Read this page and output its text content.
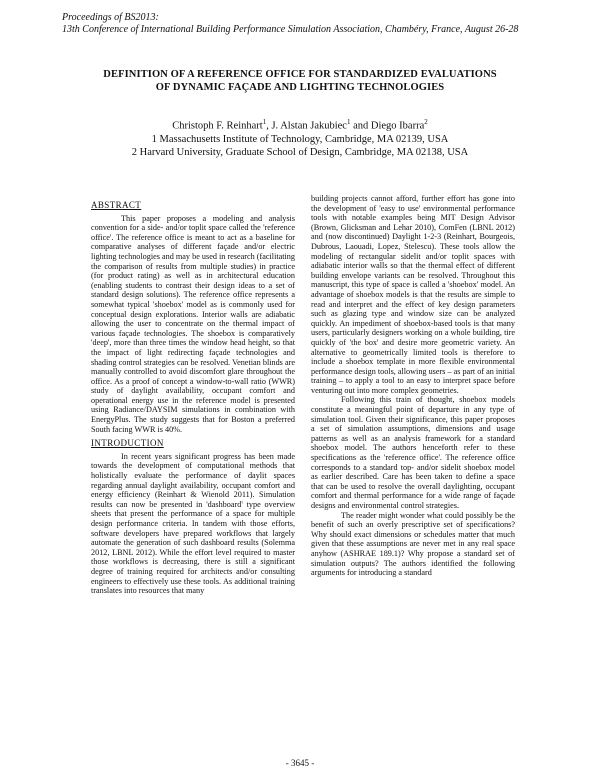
Proceedings of BS2013:
13th Conference of International Building Performance Simulation Association, Chambéry, France, August 26-28
DEFINITION OF A REFERENCE OFFICE FOR STANDARDIZED EVALUATIONS
OF DYNAMIC FAÇADE AND LIGHTING TECHNOLOGIES
Christoph F. Reinhart$^1$, J. Alstan Jakubiec$^1$ and Diego Ibarra$^2$
1 Massachusetts Institute of Technology, Cambridge, MA 02139, USA
2 Harvard University, Graduate School of Design, Cambridge, MA 02138, USA
ABSTRACT

This paper proposes a modeling and analysis convention for a side- and/or toplit space called the 'reference office'. The reference office is meant to act as a baseline for comparative analyses of different façade and/or electric lighting technologies and may be used in research (facilitating the comparison of results from multiple studies) in practice (for product rating) as well as in architectural education (enabling students to contrast their design ideas to a set of standard design solutions). The reference office represents a somewhat typical 'shoebox' model as is commonly used for conceptual design explorations. Interior walls are adiabatic allowing the user to concentrate on the thermal impact of various façade technologies. The shoebox is comparatively 'deep', more than three times the window head height, so that the impact of light redirecting façade technologies and shading control strategies can be resolved. Venetian blinds are manually controlled to avoid discomfort glare throughout the office. As a proof of concept a window-to-wall ratio (WWR) study of daylight availability, occupant comfort and operational energy use in the reference model is presented using Radiance/DAYSIM simulations in combination with EnergyPlus. The study suggests that for Boston a preferred South facing WWR is 40%.

INTRODUCTION

In recent years significant progress has been made towards the development of computational methods that holistically evaluate the performance of daylit spaces regarding annual daylight availability, occupant comfort and energy efficiency (Reinhart & Wienold 2011). Simulation results can now be presented in 'dashboard' type overview sheets that present the performance of a space for multiple design performance criteria. In tandem with those efforts, software developers have prepared workflows that largely automate the generation of such dashboard results (Solemma 2012, LBNL 2012). While the effort level required to master those workflows is decreasing, there is still a significant degree of training required for architects and/or consulting engineers to effectively use these tools. As additional training translates into resources that many

building projects cannot afford, further effort has gone into the development of 'easy to use' environmental performance tools with notable examples being MIT Design Advisor (Brown, Glicksman and Lehar 2010), ComFen (LBNL 2012) and (now discontinued) Daylight 1-2-3 (Reinhart, Bourgeois, Dubrous, Laouadi, Lopez, Stelescu). These tools allow the modeling of rectangular sidelit and/or toplit spaces with adiabatic interior walls so that the thermal effect of different building envelope variants can be resolved. Throughout this manuscript, this type of space is called a 'shoebox' model. An advantage of shoebox models is that the results are simple to read and interpret and the effect of key design parameters such as glazing type and window size can be analyzed quickly. An impediment of shoebox-based tools is that many users, particularly designers working on a whole building, tire quickly of 'the box' and desire more geometric variety. An alternative to geometrically limited tools is therefore to include a shoebox template in more flexible environmental performance design tools, allowing users – as part of an initial training – to apply a tool to an easy to interpret space before venturing out into more complex geometries.

Following this train of thought, shoebox models constitute a meaningful point of departure in any type of simulation tool. Given their significance, this paper proposes a set of simulation assumptions, dimensions and usage patterns as well as an analysis framework for a standard shoebox model. The authors henceforth refer to these specifications as the 'reference office'. The reference office corresponds to a standard top- and/or sidelit shoebox model as earlier described. Care has been taken to define a space that can be used to resolve the overall daylighting, occupant comfort and thermal performance for a wide range of façade designs and environmental control strategies.

The reader might wonder what could possibly be the benefit of such an overly prescriptive set of specifications? Why should exact dimensions or schedules matter that much given that these assumptions are never met in any real space anyhow (ASHRAE 189.1)? Why propose a standard set of simulation outputs? The authors identified the following arguments for introducing a standard

- 3645 -
